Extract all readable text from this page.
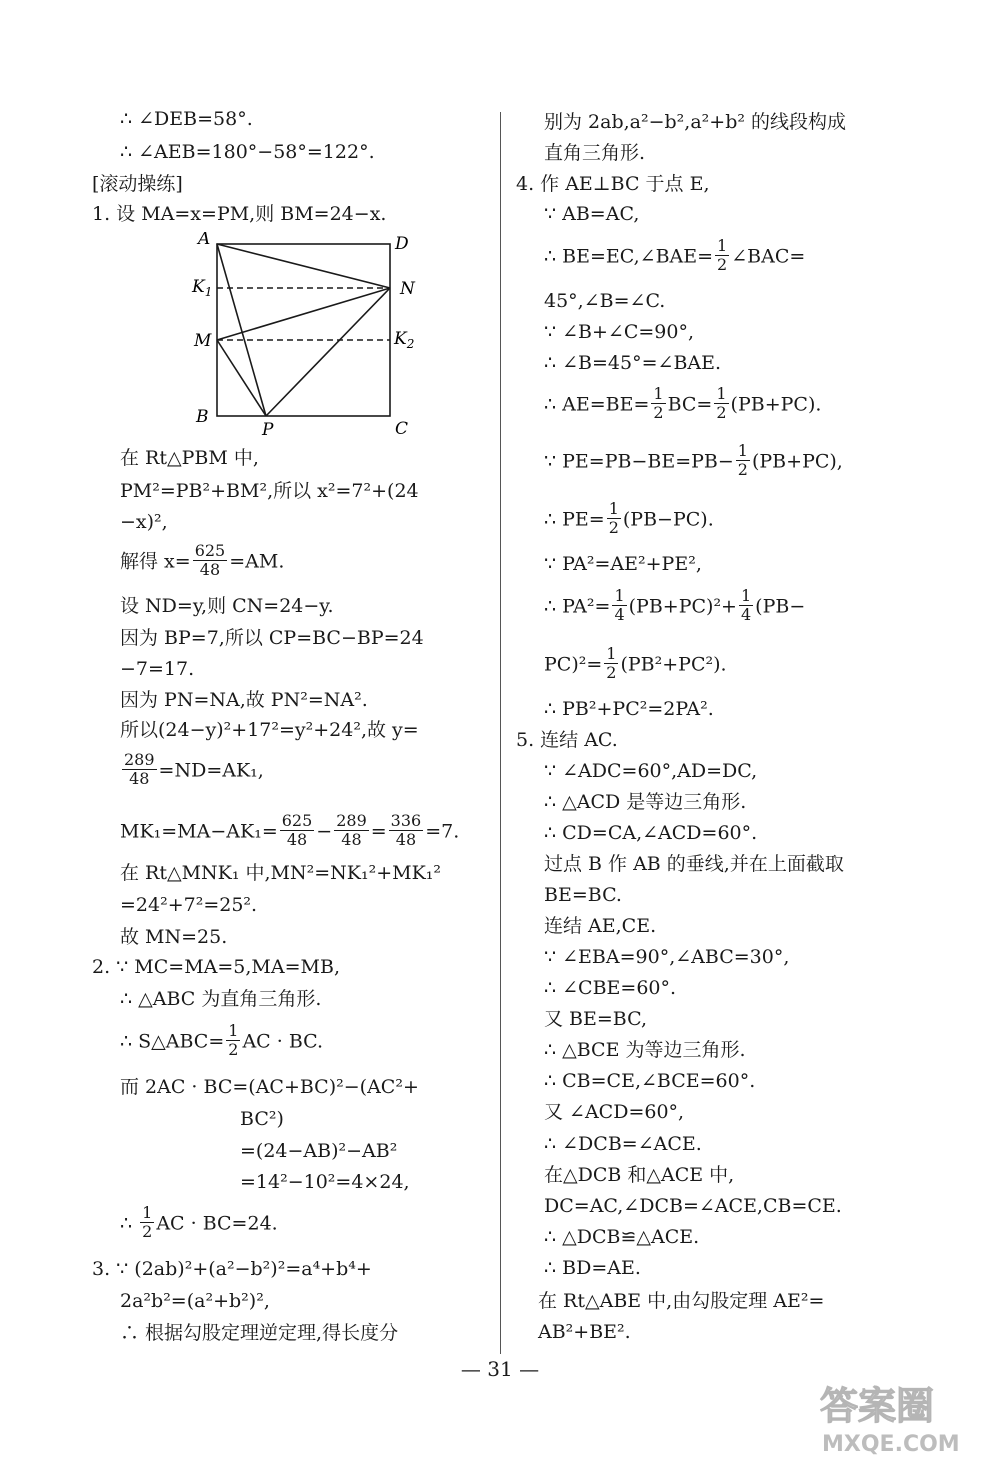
∴ ∠DEB=58°.
∴ ∠AEB=180°−58°=122°.
[滚动操练]
1. 设 MA=x=PM,则 BM=24−x.
A	D
$K_1$	N
M	$K_2$
B
P	C
在 Rt△PBM 中,
PM²=PB²+BM²,所以 x²=7²+(24
−x)²,
解得 $x= \frac{625}{48} =AM$.
设 ND=y,则 CN=24−y.
因为 BP=7,所以 CP=BC−BP=24
−7=17.
因为 PN=NA,故 PN²=NA².
所以(24−y)²+17²=y²+24²,故 y=
$\frac{289}{48} =ND=AK_1$,
$MK_1=MA-AK_1= \frac{625}{48} - \frac{289}{48} = \frac{336}{48} =7$.
在 Rt△MNK₁ 中,MN²=NK₁²+MK₁²
=24²+7²=25².
故 MN=25.
2. ∵ MC=MA=5,MA=MB,
∴ △ABC 为直角三角形.
∴ S△ABC= $\frac{1}{2}$ AC · BC.
而 2AC · BC=(AC+BC)²−(AC²+
BC²)
=(24−AB)²−AB²
=14²−10²=4×24,
∴ $\frac{1}{2}$ AC · BC=24.
3. ∵ (2ab)²+(a²−b²)²=a⁴+b⁴+
2a²b²=(a²+b²)²,
∴ 根据勾股定理逆定理,得长度分
别为 2ab,a²−b²,a²+b² 的线段构成
直角三角形.
4. 作 AE⊥BC 于点 E,
∵ AB=AC,
∴ BE=EC,∠BAE= $\frac{1}{2}$ ∠BAC=
45°,∠B=∠C.
∵ ∠B+∠C=90°,
∴ ∠B=45°=∠BAE.
∴ $AE=BE= \frac{1}{2} BC= \frac{1}{2} (PB+PC)$.
∵ $PE=PB-BE=PB- \frac{1}{2} (PB+PC)$,
∴ $PE= \frac{1}{2} (PB-PC)$.
∵ PA²=AE²+PE²,
∴ $PA^2= \frac{1}{4} (PB+PC)^2+ \frac{1}{4} (PB-$
$PC)^2= \frac{1}{2} (PB^2+PC^2)$.
∴ PB²+PC²=2PA².
5. 连结 AC.
∵ ∠ADC=60°,AD=DC,
∴ △ACD 是等边三角形.
∴ CD=CA,∠ACD=60°.
过点 B 作 AB 的垂线,并在上面截取
BE=BC.
连结 AE,CE.
∵ ∠EBA=90°,∠ABC=30°,
∴ ∠CBE=60°.
又 BE=BC,
∴ △BCE 为等边三角形.
∴ CB=CE,∠BCE=60°.
又 ∠ACD=60°,
∴ ∠DCB=∠ACE.
在△DCB 和△ACE 中,
DC=AC,∠DCB=∠ACE,CB=CE.
∴ △DCB≌△ACE.
∴ BD=AE.
在 Rt△ABE 中,由勾股定理 AE²=
AB²+BE².
— 31 —
答案圈
MXQE.COM
